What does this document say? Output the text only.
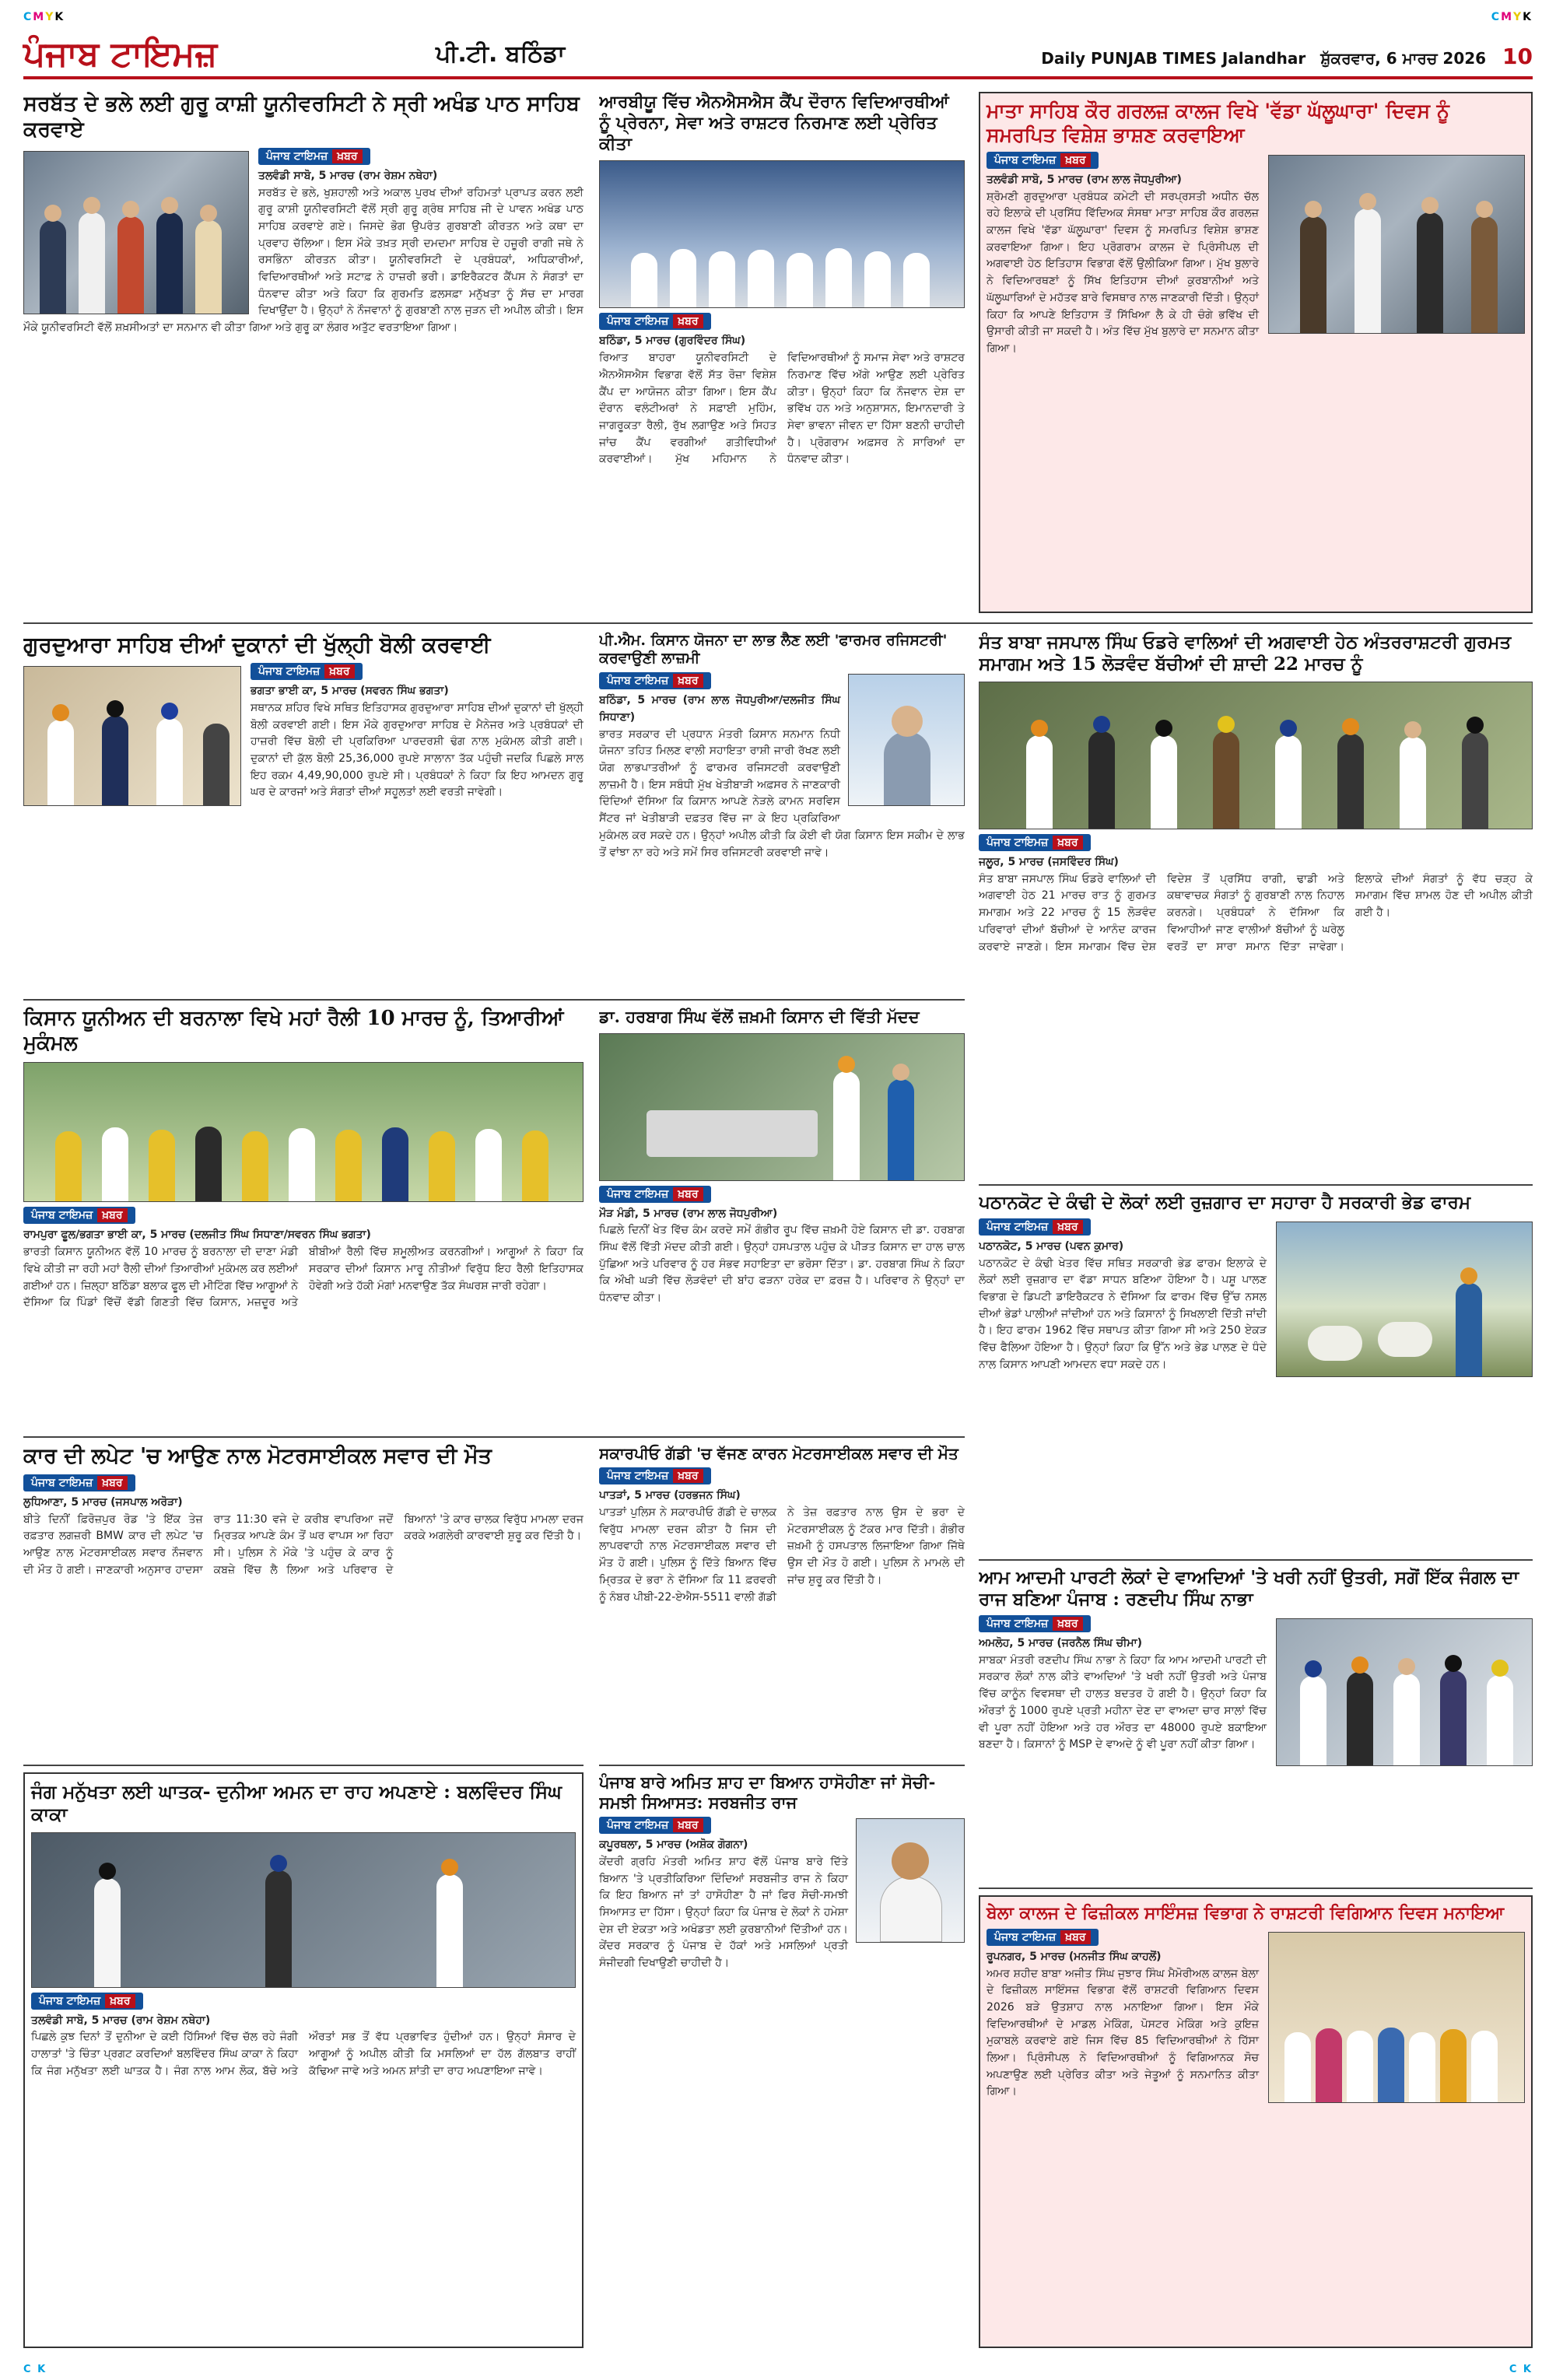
CMYK	CMYK
ਪੰਜਾਬ ਟਾਇਮਜ਼	ਪੀ.ਟੀ. ਬਠਿੰਡਾ	Daily PUNJAB TIMES Jalandhar ਸ਼ੁੱਕਰਵਾਰ, 6 ਮਾਰਚ 2026 10
ਸਰਬੱਤ ਦੇ ਭਲੇ ਲਈ ਗੁਰੂ ਕਾਸ਼ੀ ਯੂਨੀਵਰਸਿਟੀ ਨੇ ਸ੍ਰੀ ਅਖੰਡ ਪਾਠ ਸਾਹਿਬ ਕਰਵਾਏ
ਪੰਜਾਬ ਟਾਇਮਜ਼ ਖ਼ਬਰ

ਤਲਵੰਡੀ ਸਾਬੋ, 5 ਮਾਰਚ (ਰਾਮ ਰੇਸ਼ਮ ਨਥੇਹਾ)

ਸਰਬੱਤ ਦੇ ਭਲੇ, ਖੁਸ਼ਹਾਲੀ ਅਤੇ ਅਕਾਲ ਪੁਰਖ ਦੀਆਂ ਰਹਿਮਤਾਂ ਪ੍ਰਾਪਤ ਕਰਨ ਲਈ ਗੁਰੂ ਕਾਸ਼ੀ ਯੂਨੀਵਰਸਿਟੀ ਵੱਲੋਂ ਸ੍ਰੀ ਗੁਰੂ ਗ੍ਰੰਥ ਸਾਹਿਬ ਜੀ ਦੇ ਪਾਵਨ ਅਖੰਡ ਪਾਠ ਸਾਹਿਬ ਕਰਵਾਏ ਗਏ। ਜਿਸਦੇ ਭੋਗ ਉਪਰੰਤ ਗੁਰਬਾਣੀ ਕੀਰਤਨ ਅਤੇ ਕਥਾ ਦਾ ਪ੍ਰਵਾਹ ਚੱਲਿਆ। ਇਸ ਮੌਕੇ ਤਖ਼ਤ ਸ੍ਰੀ ਦਮਦਮਾ ਸਾਹਿਬ ਦੇ ਹਜ਼ੂਰੀ ਰਾਗੀ ਜਥੇ ਨੇ ਰਸਭਿੰਨਾ ਕੀਰਤਨ ਕੀਤਾ। ਯੂਨੀਵਰਸਿਟੀ ਦੇ ਪ੍ਰਬੰਧਕਾਂ, ਅਧਿਕਾਰੀਆਂ, ਵਿਦਿਆਰਥੀਆਂ ਅਤੇ ਸਟਾਫ਼ ਨੇ ਹਾਜ਼ਰੀ ਭਰੀ। ਡਾਇਰੈਕਟਰ ਕੈਂਪਸ ਨੇ ਸੰਗਤਾਂ ਦਾ ਧੰਨਵਾਦ ਕੀਤਾ ਅਤੇ ਕਿਹਾ ਕਿ ਗੁਰਮਤਿ ਫ਼ਲਸਫ਼ਾ ਮਨੁੱਖਤਾ ਨੂੰ ਸੱਚ ਦਾ ਮਾਰਗ ਦਿਖਾਉਂਦਾ ਹੈ। ਉਨ੍ਹਾਂ ਨੇ ਨੌਜਵਾਨਾਂ ਨੂੰ ਗੁਰਬਾਣੀ ਨਾਲ ਜੁੜਨ ਦੀ ਅਪੀਲ ਕੀਤੀ। ਇਸ ਮੌਕੇ ਯੂਨੀਵਰਸਿਟੀ ਵੱਲੋਂ ਸ਼ਖ਼ਸੀਅਤਾਂ ਦਾ ਸਨਮਾਨ ਵੀ ਕੀਤਾ ਗਿਆ ਅਤੇ ਗੁਰੂ ਕਾ ਲੰਗਰ ਅਤੁੱਟ ਵਰਤਾਇਆ ਗਿਆ।

ਆਰਬੀਯੂ ਵਿੱਚ ਐਨਐਸਐਸ ਕੈਂਪ ਦੌਰਾਨ ਵਿਦਿਆਰਥੀਆਂ ਨੂੰ ਪ੍ਰੇਰਨਾ, ਸੇਵਾ ਅਤੇ ਰਾਸ਼ਟਰ ਨਿਰਮਾਣ ਲਈ ਪ੍ਰੇਰਿਤ ਕੀਤਾ
ਪੰਜਾਬ ਟਾਇਮਜ਼ ਖ਼ਬਰ

ਬਠਿੰਡਾ, 5 ਮਾਰਚ (ਗੁਰਵਿੰਦਰ ਸਿੰਘ)

ਰਿਆਤ ਬਾਹਰਾ ਯੂਨੀਵਰਸਿਟੀ ਦੇ ਐਨਐਸਐਸ ਵਿਭਾਗ ਵੱਲੋਂ ਸੱਤ ਰੋਜ਼ਾ ਵਿਸ਼ੇਸ਼ ਕੈਂਪ ਦਾ ਆਯੋਜਨ ਕੀਤਾ ਗਿਆ। ਇਸ ਕੈਂਪ ਦੌਰਾਨ ਵਲੰਟੀਅਰਾਂ ਨੇ ਸਫ਼ਾਈ ਮੁਹਿੰਮ, ਜਾਗਰੂਕਤਾ ਰੈਲੀ, ਰੁੱਖ ਲਗਾਉਣ ਅਤੇ ਸਿਹਤ ਜਾਂਚ ਕੈਂਪ ਵਰਗੀਆਂ ਗਤੀਵਿਧੀਆਂ ਕਰਵਾਈਆਂ। ਮੁੱਖ ਮਹਿਮਾਨ ਨੇ ਵਿਦਿਆਰਥੀਆਂ ਨੂੰ ਸਮਾਜ ਸੇਵਾ ਅਤੇ ਰਾਸ਼ਟਰ ਨਿਰਮਾਣ ਵਿੱਚ ਅੱਗੇ ਆਉਣ ਲਈ ਪ੍ਰੇਰਿਤ ਕੀਤਾ। ਉਨ੍ਹਾਂ ਕਿਹਾ ਕਿ ਨੌਜਵਾਨ ਦੇਸ਼ ਦਾ ਭਵਿੱਖ ਹਨ ਅਤੇ ਅਨੁਸ਼ਾਸਨ, ਇਮਾਨਦਾਰੀ ਤੇ ਸੇਵਾ ਭਾਵਨਾ ਜੀਵਨ ਦਾ ਹਿੱਸਾ ਬਣਨੀ ਚਾਹੀਦੀ ਹੈ। ਪ੍ਰੋਗਰਾਮ ਅਫ਼ਸਰ ਨੇ ਸਾਰਿਆਂ ਦਾ ਧੰਨਵਾਦ ਕੀਤਾ।

ਮਾਤਾ ਸਾਹਿਬ ਕੌਰ ਗਰਲਜ਼ ਕਾਲਜ ਵਿਖੇ 'ਵੱਡਾ ਘੱਲੂਘਾਰਾ' ਦਿਵਸ ਨੂੰ ਸਮਰਪਿਤ ਵਿਸ਼ੇਸ਼ ਭਾਸ਼ਣ ਕਰਵਾਇਆ
ਪੰਜਾਬ ਟਾਇਮਜ਼ ਖ਼ਬਰ

ਤਲਵੰਡੀ ਸਾਬੋ, 5 ਮਾਰਚ (ਰਾਮ ਲਾਲ ਜੋਧਪੁਰੀਆ)

ਸ਼੍ਰੋਮਣੀ ਗੁਰਦੁਆਰਾ ਪ੍ਰਬੰਧਕ ਕਮੇਟੀ ਦੀ ਸਰਪ੍ਰਸਤੀ ਅਧੀਨ ਚੱਲ ਰਹੇ ਇਲਾਕੇ ਦੀ ਪ੍ਰਸਿੱਧ ਵਿੱਦਿਅਕ ਸੰਸਥਾ ਮਾਤਾ ਸਾਹਿਬ ਕੌਰ ਗਰਲਜ਼ ਕਾਲਜ ਵਿਖੇ 'ਵੱਡਾ ਘੱਲੂਘਾਰਾ' ਦਿਵਸ ਨੂੰ ਸਮਰਪਿਤ ਵਿਸ਼ੇਸ਼ ਭਾਸ਼ਣ ਕਰਵਾਇਆ ਗਿਆ। ਇਹ ਪ੍ਰੋਗਰਾਮ ਕਾਲਜ ਦੇ ਪ੍ਰਿੰਸੀਪਲ ਦੀ ਅਗਵਾਈ ਹੇਠ ਇਤਿਹਾਸ ਵਿਭਾਗ ਵੱਲੋਂ ਉਲੀਕਿਆ ਗਿਆ। ਮੁੱਖ ਬੁਲਾਰੇ ਨੇ ਵਿਦਿਆਰਥਣਾਂ ਨੂੰ ਸਿੱਖ ਇਤਿਹਾਸ ਦੀਆਂ ਕੁਰਬਾਨੀਆਂ ਅਤੇ ਘੱਲੂਘਾਰਿਆਂ ਦੇ ਮਹੱਤਵ ਬਾਰੇ ਵਿਸਥਾਰ ਨਾਲ ਜਾਣਕਾਰੀ ਦਿੱਤੀ। ਉਨ੍ਹਾਂ ਕਿਹਾ ਕਿ ਆਪਣੇ ਇਤਿਹਾਸ ਤੋਂ ਸਿੱਖਿਆ ਲੈ ਕੇ ਹੀ ਚੰਗੇ ਭਵਿੱਖ ਦੀ ਉਸਾਰੀ ਕੀਤੀ ਜਾ ਸਕਦੀ ਹੈ। ਅੰਤ ਵਿੱਚ ਮੁੱਖ ਬੁਲਾਰੇ ਦਾ ਸਨਮਾਨ ਕੀਤਾ ਗਿਆ।

ਗੁਰਦੁਆਰਾ ਸਾਹਿਬ ਦੀਆਂ ਦੁਕਾਨਾਂ ਦੀ ਖੁੱਲ੍ਹੀ ਬੋਲੀ ਕਰਵਾਈ
ਪੰਜਾਬ ਟਾਇਮਜ਼ ਖ਼ਬਰ

ਭਗਤਾ ਭਾਈ ਕਾ, 5 ਮਾਰਚ (ਸਵਰਨ ਸਿੰਘ ਭਗਤਾ)

ਸਥਾਨਕ ਸ਼ਹਿਰ ਵਿਖੇ ਸਥਿਤ ਇਤਿਹਾਸਕ ਗੁਰਦੁਆਰਾ ਸਾਹਿਬ ਦੀਆਂ ਦੁਕਾਨਾਂ ਦੀ ਖੁੱਲ੍ਹੀ ਬੋਲੀ ਕਰਵਾਈ ਗਈ। ਇਸ ਮੌਕੇ ਗੁਰਦੁਆਰਾ ਸਾਹਿਬ ਦੇ ਮੈਨੇਜਰ ਅਤੇ ਪ੍ਰਬੰਧਕਾਂ ਦੀ ਹਾਜ਼ਰੀ ਵਿੱਚ ਬੋਲੀ ਦੀ ਪ੍ਰਕਿਰਿਆ ਪਾਰਦਰਸ਼ੀ ਢੰਗ ਨਾਲ ਮੁਕੰਮਲ ਕੀਤੀ ਗਈ। ਦੁਕਾਨਾਂ ਦੀ ਕੁੱਲ ਬੋਲੀ 25,36,000 ਰੁਪਏ ਸਾਲਾਨਾ ਤੱਕ ਪਹੁੰਚੀ ਜਦਕਿ ਪਿਛਲੇ ਸਾਲ ਇਹ ਰਕਮ 4,49,90,000 ਰੁਪਏ ਸੀ। ਪ੍ਰਬੰਧਕਾਂ ਨੇ ਕਿਹਾ ਕਿ ਇਹ ਆਮਦਨ ਗੁਰੂ ਘਰ ਦੇ ਕਾਰਜਾਂ ਅਤੇ ਸੰਗਤਾਂ ਦੀਆਂ ਸਹੂਲਤਾਂ ਲਈ ਵਰਤੀ ਜਾਵੇਗੀ।

ਪੀ.ਐਮ. ਕਿਸਾਨ ਯੋਜਨਾ ਦਾ ਲਾਭ ਲੈਣ ਲਈ 'ਫਾਰਮਰ ਰਜਿਸਟਰੀ' ਕਰਵਾਉਣੀ ਲਾਜ਼ਮੀ
ਪੰਜਾਬ ਟਾਇਮਜ਼ ਖ਼ਬਰ

ਬਠਿੰਡਾ, 5 ਮਾਰਚ (ਰਾਮ ਲਾਲ ਜੋਧਪੁਰੀਆ/ਦਲਜੀਤ ਸਿੰਘ ਸਿਧਾਣਾ)

ਭਾਰਤ ਸਰਕਾਰ ਦੀ ਪ੍ਰਧਾਨ ਮੰਤਰੀ ਕਿਸਾਨ ਸਨਮਾਨ ਨਿਧੀ ਯੋਜਨਾ ਤਹਿਤ ਮਿਲਣ ਵਾਲੀ ਸਹਾਇਤਾ ਰਾਸ਼ੀ ਜਾਰੀ ਰੱਖਣ ਲਈ ਯੋਗ ਲਾਭਪਾਤਰੀਆਂ ਨੂੰ ਫਾਰਮਰ ਰਜਿਸਟਰੀ ਕਰਵਾਉਣੀ ਲਾਜ਼ਮੀ ਹੈ। ਇਸ ਸਬੰਧੀ ਮੁੱਖ ਖੇਤੀਬਾੜੀ ਅਫ਼ਸਰ ਨੇ ਜਾਣਕਾਰੀ ਦਿੰਦਿਆਂ ਦੱਸਿਆ ਕਿ ਕਿਸਾਨ ਆਪਣੇ ਨੇੜਲੇ ਕਾਮਨ ਸਰਵਿਸ ਸੈਂਟਰ ਜਾਂ ਖੇਤੀਬਾੜੀ ਦਫ਼ਤਰ ਵਿੱਚ ਜਾ ਕੇ ਇਹ ਪ੍ਰਕਿਰਿਆ ਮੁਕੰਮਲ ਕਰ ਸਕਦੇ ਹਨ। ਉਨ੍ਹਾਂ ਅਪੀਲ ਕੀਤੀ ਕਿ ਕੋਈ ਵੀ ਯੋਗ ਕਿਸਾਨ ਇਸ ਸਕੀਮ ਦੇ ਲਾਭ ਤੋਂ ਵਾਂਝਾ ਨਾ ਰਹੇ ਅਤੇ ਸਮੇਂ ਸਿਰ ਰਜਿਸਟਰੀ ਕਰਵਾਈ ਜਾਵੇ।

ਸੰਤ ਬਾਬਾ ਜਸਪਾਲ ਸਿੰਘ ਓਡਰੇ ਵਾਲਿਆਂ ਦੀ ਅਗਵਾਈ ਹੇਠ ਅੰਤਰਰਾਸ਼ਟਰੀ ਗੁਰਮਤ ਸਮਾਗਮ ਅਤੇ 15 ਲੋੜਵੰਦ ਬੱਚੀਆਂ ਦੀ ਸ਼ਾਦੀ 22 ਮਾਰਚ ਨੂੰ
ਪੰਜਾਬ ਟਾਇਮਜ਼ ਖ਼ਬਰ

ਜਲੂਰ, 5 ਮਾਰਚ (ਜਸਵਿੰਦਰ ਸਿੰਘ)

ਸੰਤ ਬਾਬਾ ਜਸਪਾਲ ਸਿੰਘ ਓਡਰੇ ਵਾਲਿਆਂ ਦੀ ਅਗਵਾਈ ਹੇਠ 21 ਮਾਰਚ ਰਾਤ ਨੂੰ ਗੁਰਮਤ ਸਮਾਗਮ ਅਤੇ 22 ਮਾਰਚ ਨੂੰ 15 ਲੋੜਵੰਦ ਪਰਿਵਾਰਾਂ ਦੀਆਂ ਬੱਚੀਆਂ ਦੇ ਆਨੰਦ ਕਾਰਜ ਕਰਵਾਏ ਜਾਣਗੇ। ਇਸ ਸਮਾਗਮ ਵਿੱਚ ਦੇਸ਼ ਵਿਦੇਸ਼ ਤੋਂ ਪ੍ਰਸਿੱਧ ਰਾਗੀ, ਢਾਡੀ ਅਤੇ ਕਥਾਵਾਚਕ ਸੰਗਤਾਂ ਨੂੰ ਗੁਰਬਾਣੀ ਨਾਲ ਨਿਹਾਲ ਕਰਨਗੇ। ਪ੍ਰਬੰਧਕਾਂ ਨੇ ਦੱਸਿਆ ਕਿ ਵਿਆਹੀਆਂ ਜਾਣ ਵਾਲੀਆਂ ਬੱਚੀਆਂ ਨੂੰ ਘਰੇਲੂ ਵਰਤੋਂ ਦਾ ਸਾਰਾ ਸਮਾਨ ਦਿੱਤਾ ਜਾਵੇਗਾ। ਇਲਾਕੇ ਦੀਆਂ ਸੰਗਤਾਂ ਨੂੰ ਵੱਧ ਚੜ੍ਹ ਕੇ ਸਮਾਗਮ ਵਿੱਚ ਸ਼ਾਮਲ ਹੋਣ ਦੀ ਅਪੀਲ ਕੀਤੀ ਗਈ ਹੈ।

ਕਿਸਾਨ ਯੂਨੀਅਨ ਦੀ ਬਰਨਾਲਾ ਵਿਖੇ ਮਹਾਂ ਰੈਲੀ 10 ਮਾਰਚ ਨੂੰ, ਤਿਆਰੀਆਂ ਮੁਕੰਮਲ
ਪੰਜਾਬ ਟਾਇਮਜ਼ ਖ਼ਬਰ

ਰਾਮਪੁਰਾ ਫੂਲ/ਭਗਤਾ ਭਾਈ ਕਾ, 5 ਮਾਰਚ (ਦਲਜੀਤ ਸਿੰਘ ਸਿਧਾਣਾ/ਸਵਰਨ ਸਿੰਘ ਭਗਤਾ)

ਭਾਰਤੀ ਕਿਸਾਨ ਯੂਨੀਅਨ ਵੱਲੋਂ 10 ਮਾਰਚ ਨੂੰ ਬਰਨਾਲਾ ਦੀ ਦਾਣਾ ਮੰਡੀ ਵਿਖੇ ਕੀਤੀ ਜਾ ਰਹੀ ਮਹਾਂ ਰੈਲੀ ਦੀਆਂ ਤਿਆਰੀਆਂ ਮੁਕੰਮਲ ਕਰ ਲਈਆਂ ਗਈਆਂ ਹਨ। ਜ਼ਿਲ੍ਹਾ ਬਠਿੰਡਾ ਬਲਾਕ ਫੂਲ ਦੀ ਮੀਟਿੰਗ ਵਿੱਚ ਆਗੂਆਂ ਨੇ ਦੱਸਿਆ ਕਿ ਪਿੰਡਾਂ ਵਿੱਚੋਂ ਵੱਡੀ ਗਿਣਤੀ ਵਿੱਚ ਕਿਸਾਨ, ਮਜ਼ਦੂਰ ਅਤੇ ਬੀਬੀਆਂ ਰੈਲੀ ਵਿੱਚ ਸ਼ਮੂਲੀਅਤ ਕਰਨਗੀਆਂ। ਆਗੂਆਂ ਨੇ ਕਿਹਾ ਕਿ ਸਰਕਾਰ ਦੀਆਂ ਕਿਸਾਨ ਮਾਰੂ ਨੀਤੀਆਂ ਵਿਰੁੱਧ ਇਹ ਰੈਲੀ ਇਤਿਹਾਸਕ ਹੋਵੇਗੀ ਅਤੇ ਹੱਕੀ ਮੰਗਾਂ ਮਨਵਾਉਣ ਤੱਕ ਸੰਘਰਸ਼ ਜਾਰੀ ਰਹੇਗਾ।

ਡਾ. ਹਰਬਾਗ ਸਿੰਘ ਵੱਲੋਂ ਜ਼ਖ਼ਮੀ ਕਿਸਾਨ ਦੀ ਵਿੱਤੀ ਮੱਦਦ
ਪੰਜਾਬ ਟਾਇਮਜ਼ ਖ਼ਬਰ

ਮੌੜ ਮੰਡੀ, 5 ਮਾਰਚ (ਰਾਮ ਲਾਲ ਜੋਧਪੁਰੀਆ)

ਪਿਛਲੇ ਦਿਨੀਂ ਖੇਤ ਵਿੱਚ ਕੰਮ ਕਰਦੇ ਸਮੇਂ ਗੰਭੀਰ ਰੂਪ ਵਿੱਚ ਜ਼ਖ਼ਮੀ ਹੋਏ ਕਿਸਾਨ ਦੀ ਡਾ. ਹਰਬਾਗ ਸਿੰਘ ਵੱਲੋਂ ਵਿੱਤੀ ਮੱਦਦ ਕੀਤੀ ਗਈ। ਉਨ੍ਹਾਂ ਹਸਪਤਾਲ ਪਹੁੰਚ ਕੇ ਪੀੜਤ ਕਿਸਾਨ ਦਾ ਹਾਲ ਚਾਲ ਪੁੱਛਿਆ ਅਤੇ ਪਰਿਵਾਰ ਨੂੰ ਹਰ ਸੰਭਵ ਸਹਾਇਤਾ ਦਾ ਭਰੋਸਾ ਦਿੱਤਾ। ਡਾ. ਹਰਬਾਗ ਸਿੰਘ ਨੇ ਕਿਹਾ ਕਿ ਔਖੀ ਘੜੀ ਵਿੱਚ ਲੋੜਵੰਦਾਂ ਦੀ ਬਾਂਹ ਫੜਨਾ ਹਰੇਕ ਦਾ ਫ਼ਰਜ਼ ਹੈ। ਪਰਿਵਾਰ ਨੇ ਉਨ੍ਹਾਂ ਦਾ ਧੰਨਵਾਦ ਕੀਤਾ।

ਪਠਾਨਕੋਟ ਦੇ ਕੰਢੀ ਦੇ ਲੋਕਾਂ ਲਈ ਰੁਜ਼ਗਾਰ ਦਾ ਸਹਾਰਾ ਹੈ ਸਰਕਾਰੀ ਭੇਡ ਫਾਰਮ
ਪੰਜਾਬ ਟਾਇਮਜ਼ ਖ਼ਬਰ

ਪਠਾਨਕੋਟ, 5 ਮਾਰਚ (ਪਵਨ ਕੁਮਾਰ)

ਪਠਾਨਕੋਟ ਦੇ ਕੰਢੀ ਖੇਤਰ ਵਿੱਚ ਸਥਿਤ ਸਰਕਾਰੀ ਭੇਡ ਫਾਰਮ ਇਲਾਕੇ ਦੇ ਲੋਕਾਂ ਲਈ ਰੁਜ਼ਗਾਰ ਦਾ ਵੱਡਾ ਸਾਧਨ ਬਣਿਆ ਹੋਇਆ ਹੈ। ਪਸ਼ੂ ਪਾਲਣ ਵਿਭਾਗ ਦੇ ਡਿਪਟੀ ਡਾਇਰੈਕਟਰ ਨੇ ਦੱਸਿਆ ਕਿ ਫਾਰਮ ਵਿੱਚ ਉੱਚ ਨਸਲ ਦੀਆਂ ਭੇਡਾਂ ਪਾਲੀਆਂ ਜਾਂਦੀਆਂ ਹਨ ਅਤੇ ਕਿਸਾਨਾਂ ਨੂੰ ਸਿਖਲਾਈ ਦਿੱਤੀ ਜਾਂਦੀ ਹੈ। ਇਹ ਫਾਰਮ 1962 ਵਿੱਚ ਸਥਾਪਤ ਕੀਤਾ ਗਿਆ ਸੀ ਅਤੇ 250 ਏਕੜ ਵਿੱਚ ਫੈਲਿਆ ਹੋਇਆ ਹੈ। ਉਨ੍ਹਾਂ ਕਿਹਾ ਕਿ ਉੱਨ ਅਤੇ ਭੇਡ ਪਾਲਣ ਦੇ ਧੰਦੇ ਨਾਲ ਕਿਸਾਨ ਆਪਣੀ ਆਮਦਨ ਵਧਾ ਸਕਦੇ ਹਨ।

ਕਾਰ ਦੀ ਲਪੇਟ 'ਚ ਆਉਣ ਨਾਲ ਮੋਟਰਸਾਈਕਲ ਸਵਾਰ ਦੀ ਮੌਤ
ਪੰਜਾਬ ਟਾਇਮਜ਼ ਖ਼ਬਰ

ਲੁਧਿਆਣਾ, 5 ਮਾਰਚ (ਜਸਪਾਲ ਅਰੋੜਾ)

ਬੀਤੇ ਦਿਨੀਂ ਫ਼ਿਰੋਜ਼ਪੁਰ ਰੋਡ 'ਤੇ ਇੱਕ ਤੇਜ਼ ਰਫ਼ਤਾਰ ਲਗਜ਼ਰੀ BMW ਕਾਰ ਦੀ ਲਪੇਟ 'ਚ ਆਉਣ ਨਾਲ ਮੋਟਰਸਾਈਕਲ ਸਵਾਰ ਨੌਜਵਾਨ ਦੀ ਮੌਤ ਹੋ ਗਈ। ਜਾਣਕਾਰੀ ਅਨੁਸਾਰ ਹਾਦਸਾ ਰਾਤ 11:30 ਵਜੇ ਦੇ ਕਰੀਬ ਵਾਪਰਿਆ ਜਦੋਂ ਮ੍ਰਿਤਕ ਆਪਣੇ ਕੰਮ ਤੋਂ ਘਰ ਵਾਪਸ ਆ ਰਿਹਾ ਸੀ। ਪੁਲਿਸ ਨੇ ਮੌਕੇ 'ਤੇ ਪਹੁੰਚ ਕੇ ਕਾਰ ਨੂੰ ਕਬਜ਼ੇ ਵਿੱਚ ਲੈ ਲਿਆ ਅਤੇ ਪਰਿਵਾਰ ਦੇ ਬਿਆਨਾਂ 'ਤੇ ਕਾਰ ਚਾਲਕ ਵਿਰੁੱਧ ਮਾਮਲਾ ਦਰਜ ਕਰਕੇ ਅਗਲੇਰੀ ਕਾਰਵਾਈ ਸ਼ੁਰੂ ਕਰ ਦਿੱਤੀ ਹੈ।

ਸਕਾਰਪੀਓ ਗੱਡੀ 'ਚ ਵੱਜਣ ਕਾਰਨ ਮੋਟਰਸਾਈਕਲ ਸਵਾਰ ਦੀ ਮੌਤ
ਪੰਜਾਬ ਟਾਇਮਜ਼ ਖ਼ਬਰ

ਪਾਤੜਾਂ, 5 ਮਾਰਚ (ਹਰਭਜਨ ਸਿੰਘ)

ਪਾਤੜਾਂ ਪੁਲਿਸ ਨੇ ਸਕਾਰਪੀਓ ਗੱਡੀ ਦੇ ਚਾਲਕ ਵਿਰੁੱਧ ਮਾਮਲਾ ਦਰਜ ਕੀਤਾ ਹੈ ਜਿਸ ਦੀ ਲਾਪਰਵਾਹੀ ਨਾਲ ਮੋਟਰਸਾਈਕਲ ਸਵਾਰ ਦੀ ਮੌਤ ਹੋ ਗਈ। ਪੁਲਿਸ ਨੂੰ ਦਿੱਤੇ ਬਿਆਨ ਵਿੱਚ ਮ੍ਰਿਤਕ ਦੇ ਭਰਾ ਨੇ ਦੱਸਿਆ ਕਿ 11 ਫ਼ਰਵਰੀ ਨੂੰ ਨੰਬਰ ਪੀਬੀ-22-ਏਐਸ-5511 ਵਾਲੀ ਗੱਡੀ ਨੇ ਤੇਜ਼ ਰਫ਼ਤਾਰ ਨਾਲ ਉਸ ਦੇ ਭਰਾ ਦੇ ਮੋਟਰਸਾਈਕਲ ਨੂੰ ਟੱਕਰ ਮਾਰ ਦਿੱਤੀ। ਗੰਭੀਰ ਜ਼ਖ਼ਮੀ ਨੂੰ ਹਸਪਤਾਲ ਲਿਜਾਇਆ ਗਿਆ ਜਿੱਥੇ ਉਸ ਦੀ ਮੌਤ ਹੋ ਗਈ। ਪੁਲਿਸ ਨੇ ਮਾਮਲੇ ਦੀ ਜਾਂਚ ਸ਼ੁਰੂ ਕਰ ਦਿੱਤੀ ਹੈ।	ਆਮ ਆਦਮੀ ਪਾਰਟੀ ਲੋਕਾਂ ਦੇ ਵਾਅਦਿਆਂ 'ਤੇ ਖਰੀ ਨਹੀਂ ਉਤਰੀ, ਸਗੋਂ ਇੱਕ ਜੰਗਲ ਦਾ ਰਾਜ ਬਣਿਆ ਪੰਜਾਬ : ਰਣਦੀਪ ਸਿੰਘ ਨਾਭਾ
ਪੰਜਾਬ ਟਾਇਮਜ਼ ਖ਼ਬਰ

ਅਮਲੋਹ, 5 ਮਾਰਚ (ਜਰਨੈਲ ਸਿੰਘ ਚੀਮਾ)

ਸਾਬਕਾ ਮੰਤਰੀ ਰਣਦੀਪ ਸਿੰਘ ਨਾਭਾ ਨੇ ਕਿਹਾ ਕਿ ਆਮ ਆਦਮੀ ਪਾਰਟੀ ਦੀ ਸਰਕਾਰ ਲੋਕਾਂ ਨਾਲ ਕੀਤੇ ਵਾਅਦਿਆਂ 'ਤੇ ਖਰੀ ਨਹੀਂ ਉਤਰੀ ਅਤੇ ਪੰਜਾਬ ਵਿੱਚ ਕਾਨੂੰਨ ਵਿਵਸਥਾ ਦੀ ਹਾਲਤ ਬਦਤਰ ਹੋ ਗਈ ਹੈ। ਉਨ੍ਹਾਂ ਕਿਹਾ ਕਿ ਔਰਤਾਂ ਨੂੰ 1000 ਰੁਪਏ ਪ੍ਰਤੀ ਮਹੀਨਾ ਦੇਣ ਦਾ ਵਾਅਦਾ ਚਾਰ ਸਾਲਾਂ ਵਿੱਚ ਵੀ ਪੂਰਾ ਨਹੀਂ ਹੋਇਆ ਅਤੇ ਹਰ ਔਰਤ ਦਾ 48000 ਰੁਪਏ ਬਕਾਇਆ ਬਣਦਾ ਹੈ। ਕਿਸਾਨਾਂ ਨੂੰ MSP ਦੇ ਵਾਅਦੇ ਨੂੰ ਵੀ ਪੂਰਾ ਨਹੀਂ ਕੀਤਾ ਗਿਆ।

ਪੰਜਾਬ ਬਾਰੇ ਅਮਿਤ ਸ਼ਾਹ ਦਾ ਬਿਆਨ ਹਾਸੋਹੀਣਾ ਜਾਂ ਸੋਚੀ-ਸਮਝੀ ਸਿਆਸਤ: ਸਰਬਜੀਤ ਰਾਜ
ਪੰਜਾਬ ਟਾਇਮਜ਼ ਖ਼ਬਰ

ਕਪੂਰਥਲਾ, 5 ਮਾਰਚ (ਅਸ਼ੋਕ ਗੋਗਨਾ)

ਕੇਂਦਰੀ ਗ੍ਰਹਿ ਮੰਤਰੀ ਅਮਿਤ ਸ਼ਾਹ ਵੱਲੋਂ ਪੰਜਾਬ ਬਾਰੇ ਦਿੱਤੇ ਬਿਆਨ 'ਤੇ ਪ੍ਰਤੀਕਿਰਿਆ ਦਿੰਦਿਆਂ ਸਰਬਜੀਤ ਰਾਜ ਨੇ ਕਿਹਾ ਕਿ ਇਹ ਬਿਆਨ ਜਾਂ ਤਾਂ ਹਾਸੋਹੀਣਾ ਹੈ ਜਾਂ ਫਿਰ ਸੋਚੀ-ਸਮਝੀ ਸਿਆਸਤ ਦਾ ਹਿੱਸਾ। ਉਨ੍ਹਾਂ ਕਿਹਾ ਕਿ ਪੰਜਾਬ ਦੇ ਲੋਕਾਂ ਨੇ ਹਮੇਸ਼ਾ ਦੇਸ਼ ਦੀ ਏਕਤਾ ਅਤੇ ਅਖੰਡਤਾ ਲਈ ਕੁਰਬਾਨੀਆਂ ਦਿੱਤੀਆਂ ਹਨ। ਕੇਂਦਰ ਸਰਕਾਰ ਨੂੰ ਪੰਜਾਬ ਦੇ ਹੱਕਾਂ ਅਤੇ ਮਸਲਿਆਂ ਪ੍ਰਤੀ ਸੰਜੀਦਗੀ ਦਿਖਾਉਣੀ ਚਾਹੀਦੀ ਹੈ।

ਜੰਗ ਮਨੁੱਖਤਾ ਲਈ ਘਾਤਕ- ਦੁਨੀਆ ਅਮਨ ਦਾ ਰਾਹ ਅਪਣਾਏ : ਬਲਵਿੰਦਰ ਸਿੰਘ ਕਾਕਾ
ਪੰਜਾਬ ਟਾਇਮਜ਼ ਖ਼ਬਰ

ਤਲਵੰਡੀ ਸਾਬੋ, 5 ਮਾਰਚ (ਰਾਮ ਰੇਸ਼ਮ ਨਥੇਹਾ)

ਪਿਛਲੇ ਕੁਝ ਦਿਨਾਂ ਤੋਂ ਦੁਨੀਆ ਦੇ ਕਈ ਹਿੱਸਿਆਂ ਵਿੱਚ ਚੱਲ ਰਹੇ ਜੰਗੀ ਹਾਲਾਤਾਂ 'ਤੇ ਚਿੰਤਾ ਪ੍ਰਗਟ ਕਰਦਿਆਂ ਬਲਵਿੰਦਰ ਸਿੰਘ ਕਾਕਾ ਨੇ ਕਿਹਾ ਕਿ ਜੰਗ ਮਨੁੱਖਤਾ ਲਈ ਘਾਤਕ ਹੈ। ਜੰਗ ਨਾਲ ਆਮ ਲੋਕ, ਬੱਚੇ ਅਤੇ ਔਰਤਾਂ ਸਭ ਤੋਂ ਵੱਧ ਪ੍ਰਭਾਵਿਤ ਹੁੰਦੀਆਂ ਹਨ। ਉਨ੍ਹਾਂ ਸੰਸਾਰ ਦੇ ਆਗੂਆਂ ਨੂੰ ਅਪੀਲ ਕੀਤੀ ਕਿ ਮਸਲਿਆਂ ਦਾ ਹੱਲ ਗੱਲਬਾਤ ਰਾਹੀਂ ਕੱਢਿਆ ਜਾਵੇ ਅਤੇ ਅਮਨ ਸ਼ਾਂਤੀ ਦਾ ਰਾਹ ਅਪਣਾਇਆ ਜਾਵੇ।

ਬੇਲਾ ਕਾਲਜ ਦੇ ਫਿਜ਼ੀਕਲ ਸਾਇੰਸਜ਼ ਵਿਭਾਗ ਨੇ ਰਾਸ਼ਟਰੀ ਵਿਗਿਆਨ ਦਿਵਸ ਮਨਾਇਆ
ਪੰਜਾਬ ਟਾਇਮਜ਼ ਖ਼ਬਰ

ਰੂਪਨਗਰ, 5 ਮਾਰਚ (ਮਨਜੀਤ ਸਿੰਘ ਕਾਹਲੋਂ)

ਅਮਰ ਸ਼ਹੀਦ ਬਾਬਾ ਅਜੀਤ ਸਿੰਘ ਜੁਝਾਰ ਸਿੰਘ ਮੈਮੋਰੀਅਲ ਕਾਲਜ ਬੇਲਾ ਦੇ ਫਿਜ਼ੀਕਲ ਸਾਇੰਸਜ਼ ਵਿਭਾਗ ਵੱਲੋਂ ਰਾਸ਼ਟਰੀ ਵਿਗਿਆਨ ਦਿਵਸ 2026 ਬੜੇ ਉਤਸ਼ਾਹ ਨਾਲ ਮਨਾਇਆ ਗਿਆ। ਇਸ ਮੌਕੇ ਵਿਦਿਆਰਥੀਆਂ ਦੇ ਮਾਡਲ ਮੇਕਿੰਗ, ਪੋਸਟਰ ਮੇਕਿੰਗ ਅਤੇ ਕੁਇਜ਼ ਮੁਕਾਬਲੇ ਕਰਵਾਏ ਗਏ ਜਿਸ ਵਿੱਚ 85 ਵਿਦਿਆਰਥੀਆਂ ਨੇ ਹਿੱਸਾ ਲਿਆ। ਪ੍ਰਿੰਸੀਪਲ ਨੇ ਵਿਦਿਆਰਥੀਆਂ ਨੂੰ ਵਿਗਿਆਨਕ ਸੋਚ ਅਪਣਾਉਣ ਲਈ ਪ੍ਰੇਰਿਤ ਕੀਤਾ ਅਤੇ ਜੇਤੂਆਂ ਨੂੰ ਸਨਮਾਨਿਤ ਕੀਤਾ ਗਿਆ।

C K	C K
